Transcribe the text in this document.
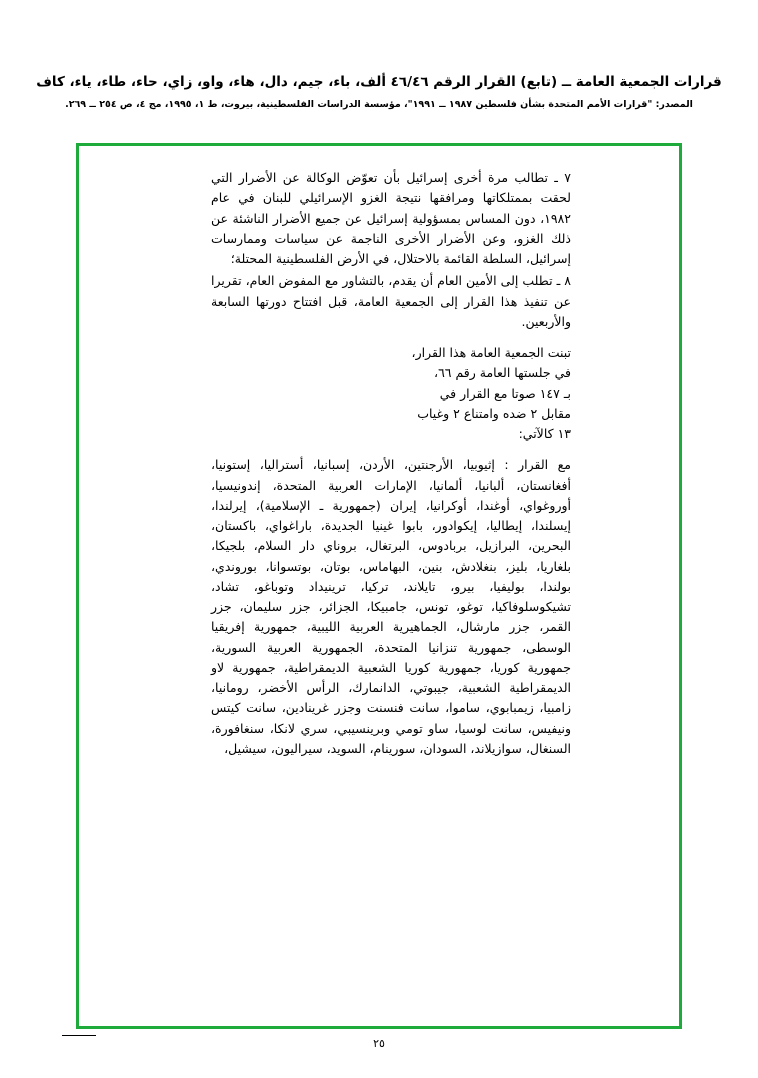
قرارات الجمعية العامة ــ (تابع) القرار الرقم ٤٦/٤٦ ألف، باء، جيم، دال، هاء، واو، زاي، حاء، طاء، ياء، كاف
المصدر: "قرارات الأمم المتحدة بشأن فلسطين ١٩٨٧ ــ ١٩٩١"، مؤسسة الدراسات الفلسطينية، بيروت، ط ١، ١٩٩٥، مج ٤، ص ٢٥٤ ــ ٢٦٩.

٧ ـ تطالب مرة أخرى إسرائيل بأن تعوّض الوكالة عن الأضرار التي لحقت بممتلكاتها ومرافقها نتيجة الغزو الإسرائيلي للبنان في عام ١٩٨٢، دون المساس بمسؤولية إسرائيل عن جميع الأضرار الناشئة عن ذلك الغزو، وعن الأضرار الأخرى الناجمة عن سياسات وممارسات إسرائيل، السلطة القائمة بالاحتلال، في الأرض الفلسطينية المحتلة؛

٨ ـ تطلب إلى الأمين العام أن يقدم، بالتشاور مع المفوض العام، تقريرا عن تنفيذ هذا القرار إلى الجمعية العامة، قبل افتتاح دورتها السابعة والأربعين.

تبنت الجمعية العامة هذا القرار،
في جلستها العامة رقم ٦٦،
بـ ١٤٧ صوتا مع القرار في
مقابل ٢ ضده وامتناع ٢ وغياب
١٣ كالآتي:

مع القرار : إثيوبيا، الأرجنتين، الأردن، إسبانيا، أستراليا، إستونيا، أفغانستان، ألبانيا، ألمانيا، الإمارات العربية المتحدة، إندونيسيا، أوروغواي، أوغندا، أوكرانيا، إيران (جمهورية ـ الإسلامية)، إيرلندا، إيسلندا، إيطاليا، إيكوادور، بابوا غينيا الجديدة، باراغواي، باكستان، البحرين، البرازيل، بربادوس، البرتغال، بروناي دار السلام، بلجيكا، بلغاريا، بليز، بنغلادش، بنين، البهاماس، بوتان، بوتسوانا، بوروندي، بولندا، بوليفيا، بيرو، تايلاند، تركيا، ترينيداد وتوباغو، تشاد، تشيكوسلوفاكيا، توغو، تونس، جامبيكا، الجزائر، جزر سليمان، جزر القمر، جزر مارشال، الجماهيرية العربية الليبية، جمهورية إفريقيا الوسطى، جمهورية تنزانيا المتحدة، الجمهورية العربية السورية، جمهورية كوريا، جمهورية كوريا الشعبية الديمقراطية، جمهورية لاو الديمقراطية الشعبية، جيبوتي، الدانمارك، الرأس الأخضر، رومانيا، زامبيا، زيمبابوي، ساموا، سانت فنسنت وجزر غرينادين، سانت كيتس ونيفيس، سانت لوسيا، ساو تومي وبرينسيبي، سري لانكا، سنغافورة، السنغال، سوازيلاند، السودان، سورينام، السويد، سيراليون، سيشيل،

٢٥
